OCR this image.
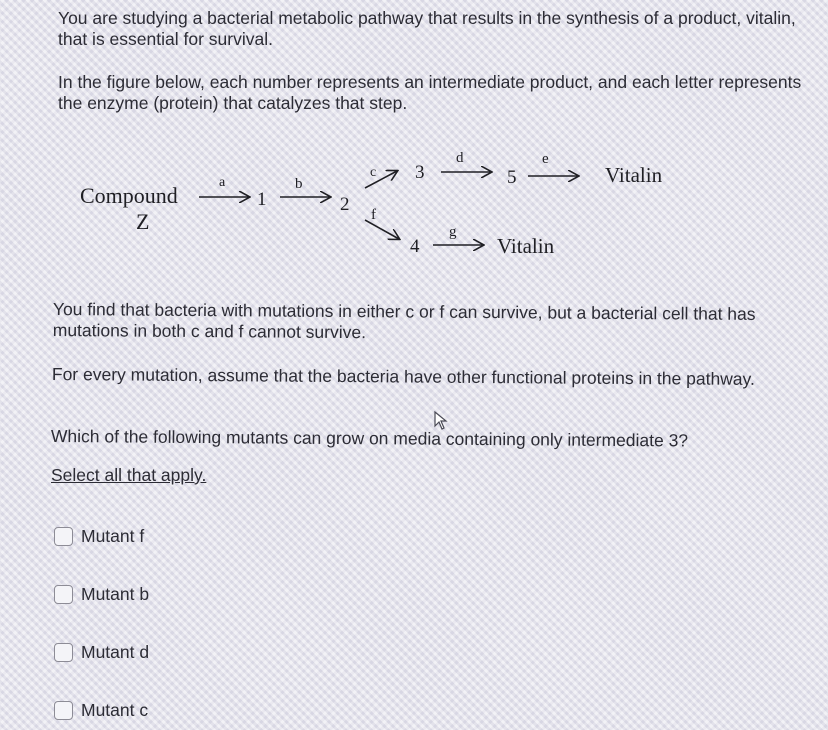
You are studying a bacterial metabolic pathway that results in the synthesis of a product, vitalin, that is essential for survival.

In the figure below, each number represents an intermediate product, and each letter represents the enzyme (protein) that catalyzes that step.

Compound
Z
a
1
b
2
c
f
3
d
5
e
Vitalin
4
g
Vitalin

You find that bacteria with mutations in either c or f can survive, but a bacterial cell that has mutations in both c and f cannot survive.

For every mutation, assume that the bacteria have other functional proteins in the pathway.

Which of the following mutants can grow on media containing only intermediate 3?

Select all that apply.
Mutant f
Mutant b
Mutant d
Mutant c
